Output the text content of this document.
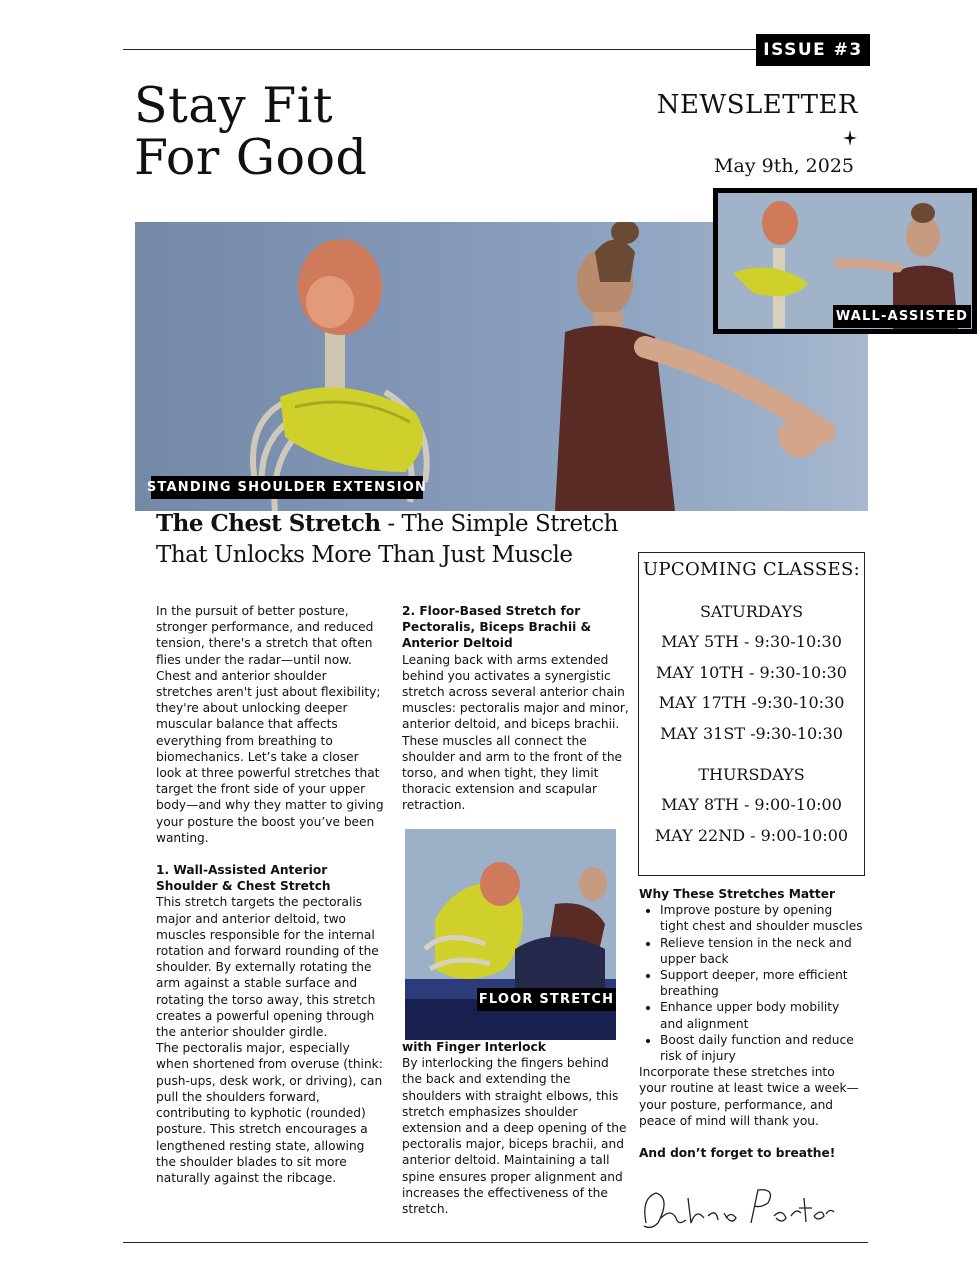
ISSUE #3
Stay Fit
For Good
NEWSLETTER
May 9th, 2025
STANDING SHOULDER EXTENSION
WALL-ASSISTED
The Chest Stretch - The Simple Stretch
That Unlocks More Than Just Muscle

In the pursuit of better posture, stronger performance, and reduced tension, there's a stretch that often flies under the radar—until now. Chest and anterior shoulder stretches aren't just about flexibility; they're about unlocking deeper muscular balance that affects everything from breathing to biomechanics. Let’s take a closer look at three powerful stretches that target the front side of your upper body—and why they matter to giving your posture the boost you’ve been wanting.

1. Wall-Assisted Anterior Shoulder & Chest Stretch

This stretch targets the pectoralis major and anterior deltoid, two muscles responsible for the internal rotation and forward rounding of the shoulder. By externally rotating the arm against a stable surface and rotating the torso away, this stretch creates a powerful opening through the anterior shoulder girdle.

The pectoralis major, especially when shortened from overuse (think: push-ups, desk work, or driving), can pull the shoulders forward, contributing to kyphotic (rounded) posture. This stretch encourages a lengthened resting state, allowing the shoulder blades to sit more naturally against the ribcage.

2. Floor-Based Stretch for Pectoralis, Biceps Brachii & Anterior Deltoid

Leaning back with arms extended behind you activates a synergistic stretch across several anterior chain muscles: pectoralis major and minor, anterior deltoid, and biceps brachii. These muscles all connect the shoulder and arm to the front of the torso, and when tight, they limit thoracic extension and scapular retraction.

FLOOR STRETCH

with Finger Interlock

By interlocking the fingers behind the back and extending the shoulders with straight elbows, this stretch emphasizes shoulder extension and a deep opening of the pectoralis major, biceps brachii, and anterior deltoid. Maintaining a tall spine ensures proper alignment and increases the effectiveness of the stretch.

UPCOMING CLASSES:
SATURDAYS
MAY 5TH - 9:30-10:30
MAY 10TH - 9:30-10:30
MAY 17TH -9:30-10:30
MAY 31ST -9:30-10:30
THURSDAYS
MAY 8TH - 9:00-10:00
MAY 22ND - 9:00-10:00
Why These Stretches Matter
• Improve posture by opening tight chest and shoulder muscles
• Relieve tension in the neck and upper back
• Support deeper, more efficient breathing
• Enhance upper body mobility and alignment
• Boost daily function and reduce risk of injury
Incorporate these stretches into your routine at least twice a week—your posture, performance, and peace of mind will thank you.
And don’t forget to breathe!
